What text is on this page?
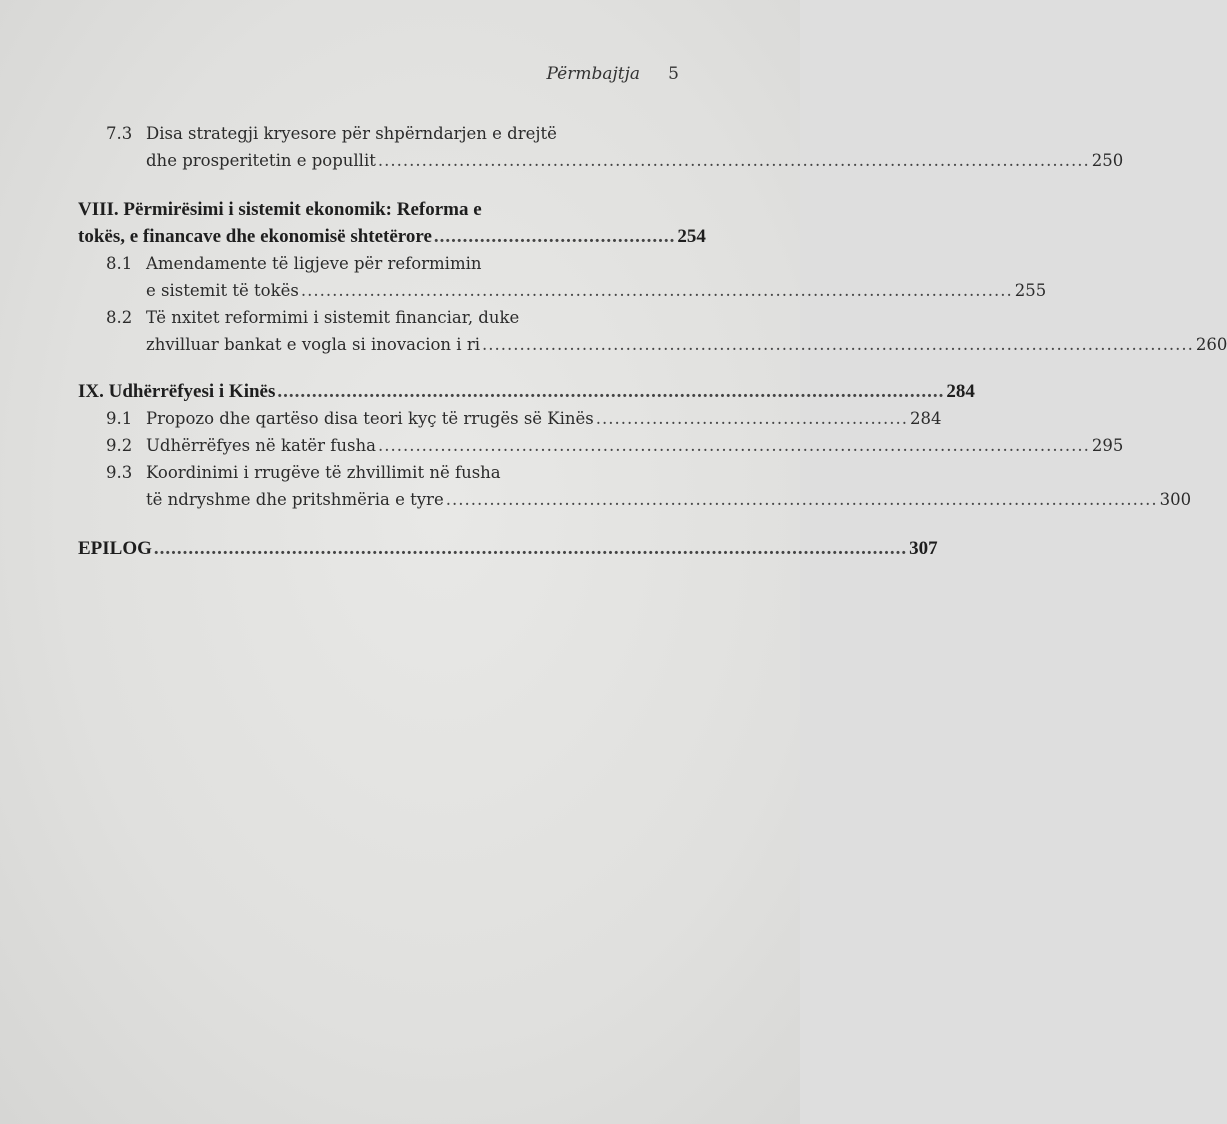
Përmbajtja 5
7.3 Disa strategji kryesore për shpërndarjen e drejtë
dhe prosperitetin e popullit .................................................................................................................. 250
VIII. Përmirësimi i sistemit ekonomik: Reforma e
tokës, e financave dhe ekonomisë shtetërore .......................................... 254
8.1 Amendamente të ligjeve për reformimin
e sistemit të tokës .................................................................................................................. 255
8.2 Të nxitet reformimi i sistemit financiar, duke
zhvilluar bankat e vogla si inovacion i ri .................................................................................................................. 260
IX. Udhërrëfyesi i Kinës .................................................................................................................... 284
9.1 Propozo dhe qartëso disa teori kyç të rrugës së Kinës .................................................. 284
9.2 Udhërrëfyes në katër fusha .................................................................................................................. 295
9.3 Koordinimi i rrugëve të zhvillimit në fusha
të ndryshme dhe pritshmëria e tyre .................................................................................................................. 300
EPILOG ................................................................................................................................... 307
